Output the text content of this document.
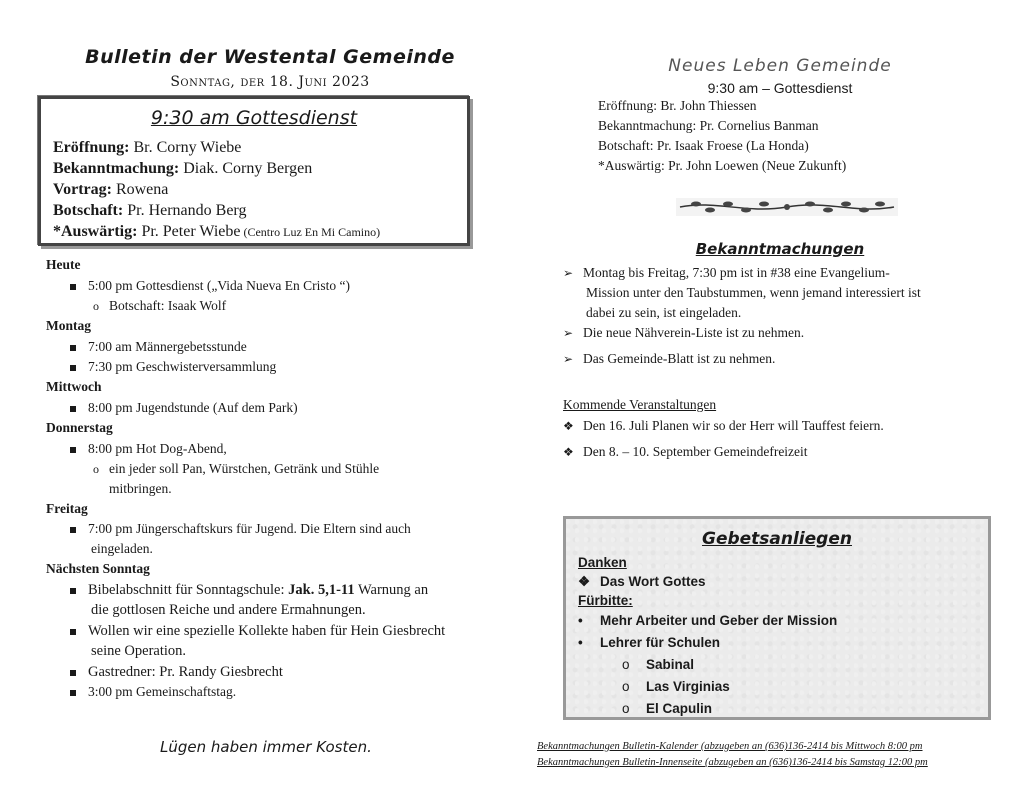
Bulletin der Westental Gemeinde
Sonntag, der 18. Juni 2023
9:30 am Gottesdienst
Eröffnung: Br. Corny Wiebe
Bekanntmachung: Diak. Corny Bergen
Vortrag: Rowena
Botschaft: Pr. Hernando Berg
*Auswärtig: Pr. Peter Wiebe (Centro Luz En Mi Camino)
Heute
5:00 pm Gottesdienst („Vida Nueva En Cristo “)
o Botschaft: Isaak Wolf
Montag
7:00 am Männergebetsstunde
7:30 pm Geschwisterversammlung
Mittwoch
8:00 pm Jugendstunde (Auf dem Park)
Donnerstag
8:00 pm Hot Dog-Abend,
o ein jeder soll Pan, Würstchen, Getränk und Stühle
mitbringen.
Freitag
7:00 pm Jüngerschaftskurs für Jugend. Die Eltern sind auch
eingeladen.
Nächsten Sonntag
Bibelabschnitt für Sonntagschule: Jak. 5,1-11 Warnung an
die gottlosen Reiche und andere Ermahnungen.
Wollen wir eine spezielle Kollekte haben für Hein Giesbrecht
seine Operation.
Gastredner: Pr. Randy Giesbrecht
3:00 pm Gemeinschaftstag.
Lügen haben immer Kosten.
Neues Leben Gemeinde
9:30 am – Gottesdienst
Eröffnung: Br. John Thiessen
Bekanntmachung: Pr. Cornelius Banman
Botschaft: Pr. Isaak Froese (La Honda)
*Auswärtig: Pr. John Loewen (Neue Zukunft)
Bekanntmachungen
➢ Montag bis Freitag, 7:30 pm ist in #38 eine Evangelium-
Mission unter den Taubstummen, wenn jemand interessiert ist
dabei zu sein, ist eingeladen.
➢ Die neue Nähverein-Liste ist zu nehmen.
➢ Das Gemeinde-Blatt ist zu nehmen.
Kommende Veranstaltungen
❖ Den 16. Juli Planen wir so der Herr will Tauffest feiern.
❖ Den 8. – 10. September Gemeindefreizeit
Gebetsanliegen
Danken
❖ Das Wort Gottes
Fürbitte:
• Mehr Arbeiter und Geber der Mission
• Lehrer für Schulen
o Sabinal
o Las Virginias
o El Capulin
Bekanntmachungen Bulletin-Kalender (abzugeben an (636)136-2414 bis Mittwoch 8:00 pm
Bekanntmachungen Bulletin-Innenseite (abzugeben an (636)136-2414 bis Samstag 12:00 pm
